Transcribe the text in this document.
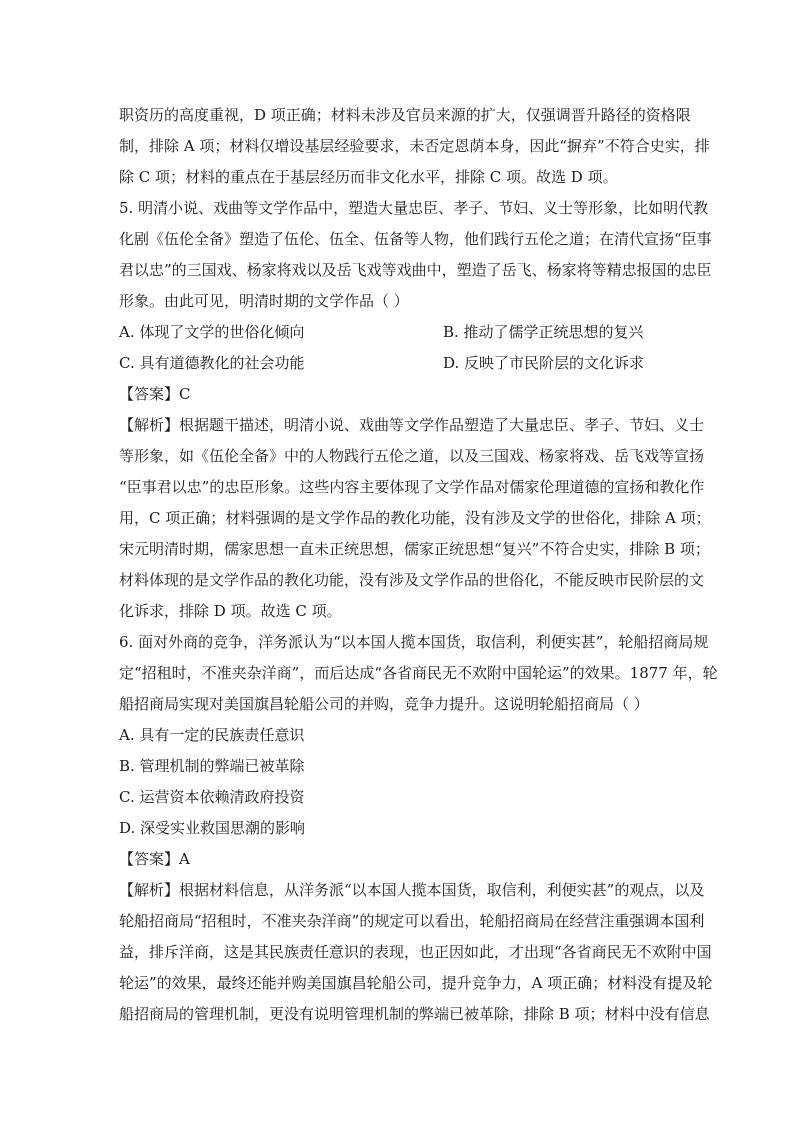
职资历的高度重视，D 项正确；材料未涉及官员来源的扩大，仅强调晋升路径的资格限
制，排除 A 项；材料仅增设基层经验要求，未否定恩荫本身，因此“摒弃”不符合史实，排
除 C 项；材料的重点在于基层经历而非文化水平，排除 C 项。故选 D 项。
5. 明清小说、戏曲等文学作品中，塑造大量忠臣、孝子、节妇、义士等形象，比如明代教
化剧《伍伦全备》塑造了伍伦、伍全、伍备等人物，他们践行五伦之道；在清代宣扬“臣事
君以忠”的三国戏、杨家将戏以及岳飞戏等戏曲中，塑造了岳飞、杨家将等精忠报国的忠臣
形象。由此可见，明清时期的文学作品（ ）
A. 体现了文学的世俗化倾向	B. 推动了儒学正统思想的复兴
C. 具有道德教化的社会功能	D. 反映了市民阶层的文化诉求
【答案】C
【解析】根据题干描述，明清小说、戏曲等文学作品塑造了大量忠臣、孝子、节妇、义士
等形象，如《伍伦全备》中的人物践行五伦之道，以及三国戏、杨家将戏、岳飞戏等宣扬
“臣事君以忠”的忠臣形象。这些内容主要体现了文学作品对儒家伦理道德的宣扬和教化作
用，C 项正确；材料强调的是文学作品的教化功能，没有涉及文学的世俗化，排除 A 项；
宋元明清时期，儒家思想一直未正统思想，儒家正统思想“复兴”不符合史实，排除 B 项；
材料体现的是文学作品的教化功能，没有涉及文学作品的世俗化，不能反映市民阶层的文
化诉求，排除 D 项。故选 C 项。
6. 面对外商的竞争，洋务派认为“以本国人揽本国货，取信利，利便实甚”，轮船招商局规
定“招租时，不准夹杂洋商”，而后达成“各省商民无不欢附中国轮运”的效果。1877 年，轮
船招商局实现对美国旗昌轮船公司的并购，竞争力提升。这说明轮船招商局（ ）
A. 具有一定的民族责任意识
B. 管理机制的弊端已被革除
C. 运营资本依赖清政府投资
D. 深受实业救国思潮的影响
【答案】A
【解析】根据材料信息，从洋务派“以本国人揽本国货，取信利，利便实甚”的观点，以及
轮船招商局“招租时，不准夹杂洋商”的规定可以看出，轮船招商局在经营注重强调本国利
益，排斥洋商，这是其民族责任意识的表现，也正因如此，才出现“各省商民无不欢附中国
轮运”的效果，最终还能并购美国旗昌轮船公司，提升竞争力，A 项正确；材料没有提及轮
船招商局的管理机制，更没有说明管理机制的弊端已被革除，排除 B 项；材料中没有信息
